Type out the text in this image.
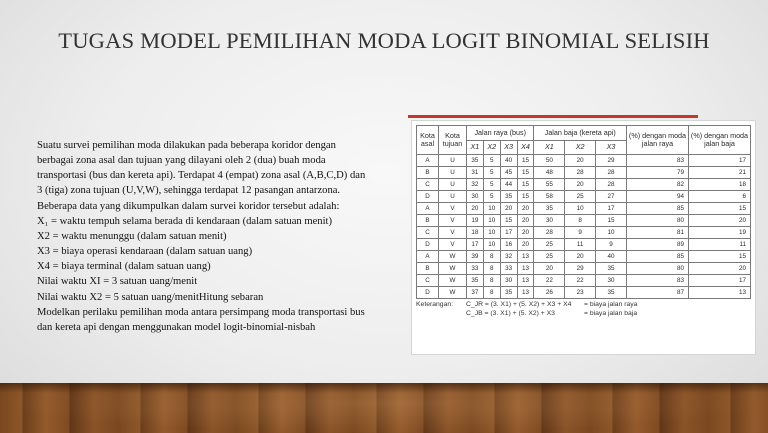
TUGAS MODEL PEMILIHAN MODA LOGIT BINOMIAL SELISIH

Suatu survei pemilihan moda dilakukan pada beberapa koridor dengan

berbagai zona asal dan tujuan yang dilayani oleh 2 (dua) buah moda

transportasi (bus dan kereta api). Terdapat 4 (empat) zona asal (A,B,C,D) dan

3 (tiga) zona tujuan (U,V,W), sehingga terdapat 12 pasangan antarzona.

Beberapa data yang dikumpulkan dalam survei koridor tersebut adalah:

X₁ = waktu tempuh selama berada di kendaraan (dalam satuan menit)

X2 = waktu menunggu (dalam satuan menit)

X3 = biaya operasi kendaraan (dalam satuan uang)

X4 = biaya terminal (dalam satuan uang)

Nilai waktu XI = 3 satuan uang/menit

Nilai waktu X2 = 5 satuan uang/menitHitung sebaran

Modelkan perilaku pemilihan moda antara persimpang moda transportasi bus

dan kereta api dengan menggunakan model logit-binomial-nisbah

Kota asal	Kota tujuan	Jalan raya (bus)				Jalan baja (kereta api)			(%) dengan moda jalan raya	(%) dengan moda jalan baja
		X1	X2	X3	X4	X1	X2	X3		
A	U	35	5	40	15	50	20	29	83	17
B	U	31	5	45	15	48	28	28	79	21
C	U	32	5	44	15	55	20	28	82	18
D	U	30	5	35	15	58	25	27	94	6
A	V	20	10	20	20	35	10	17	85	15
B	V	19	10	15	20	30	8	15	80	20
C	V	18	10	17	20	28	9	10	81	19
D	V	17	10	16	20	25	11	9	89	11
A	W	39	8	32	13	25	20	40	85	15
B	W	33	8	33	13	20	29	35	80	20
C	W	35	8	30	13	22	22	30	83	17
D	W	37	8	35	13	26	23	35	87	13
Keterangan:	C_JR = (3. X1) + (5. X2) + X3 + X4	= biaya jalan raya
C_JB = (3. X1) + (5. X2) + X3	= biaya jalan baja
